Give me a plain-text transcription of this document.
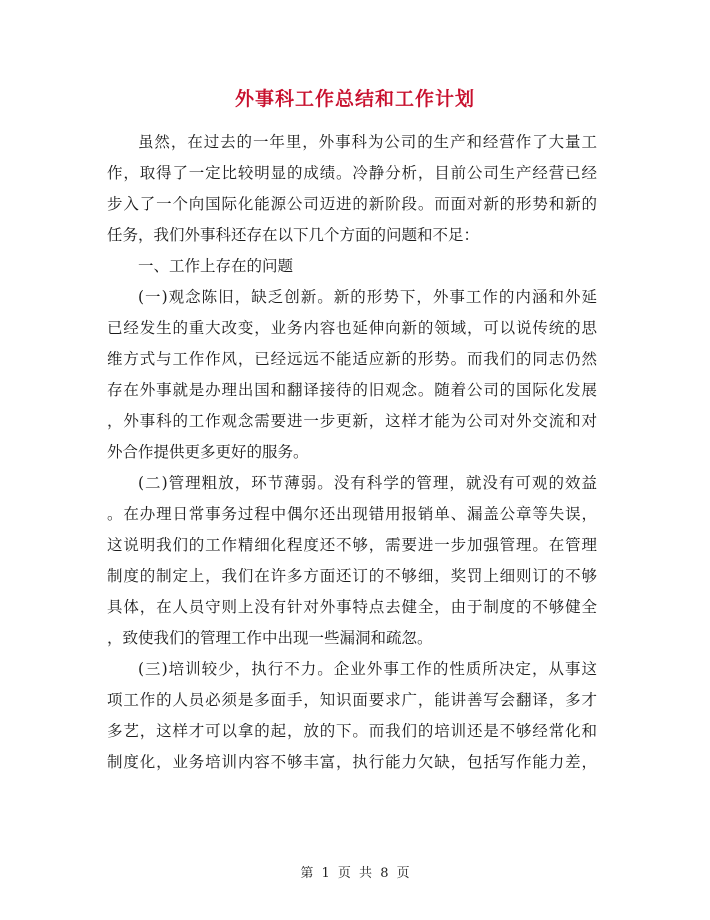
外事科工作总结和工作计划
虽然，在过去的一年里，外事科为公司的生产和经营作了大量工
作，取得了一定比较明显的成绩。冷静分析，目前公司生产经营已经
步入了一个向国际化能源公司迈进的新阶段。而面对新的形势和新的
任务，我们外事科还存在以下几个方面的问题和不足：
一、工作上存在的问题
(一)观念陈旧，缺乏创新。新的形势下，外事工作的内涵和外延
已经发生的重大改变，业务内容也延伸向新的领域，可以说传统的思
维方式与工作作风，已经远远不能适应新的形势。而我们的同志仍然
存在外事就是办理出国和翻译接待的旧观念。随着公司的国际化发展
，外事科的工作观念需要进一步更新，这样才能为公司对外交流和对
外合作提供更多更好的服务。
(二)管理粗放，环节薄弱。没有科学的管理，就没有可观的效益
。在办理日常事务过程中偶尔还出现错用报销单、漏盖公章等失误，
这说明我们的工作精细化程度还不够，需要进一步加强管理。在管理
制度的制定上，我们在许多方面还订的不够细，奖罚上细则订的不够
具体，在人员守则上没有针对外事特点去健全，由于制度的不够健全
，致使我们的管理工作中出现一些漏洞和疏忽。
(三)培训较少，执行不力。企业外事工作的性质所决定，从事这
项工作的人员必须是多面手，知识面要求广，能讲善写会翻译，多才
多艺，这样才可以拿的起，放的下。而我们的培训还是不够经常化和
制度化，业务培训内容不够丰富，执行能力欠缺，包括写作能力差，
第 1 页 共 8 页
